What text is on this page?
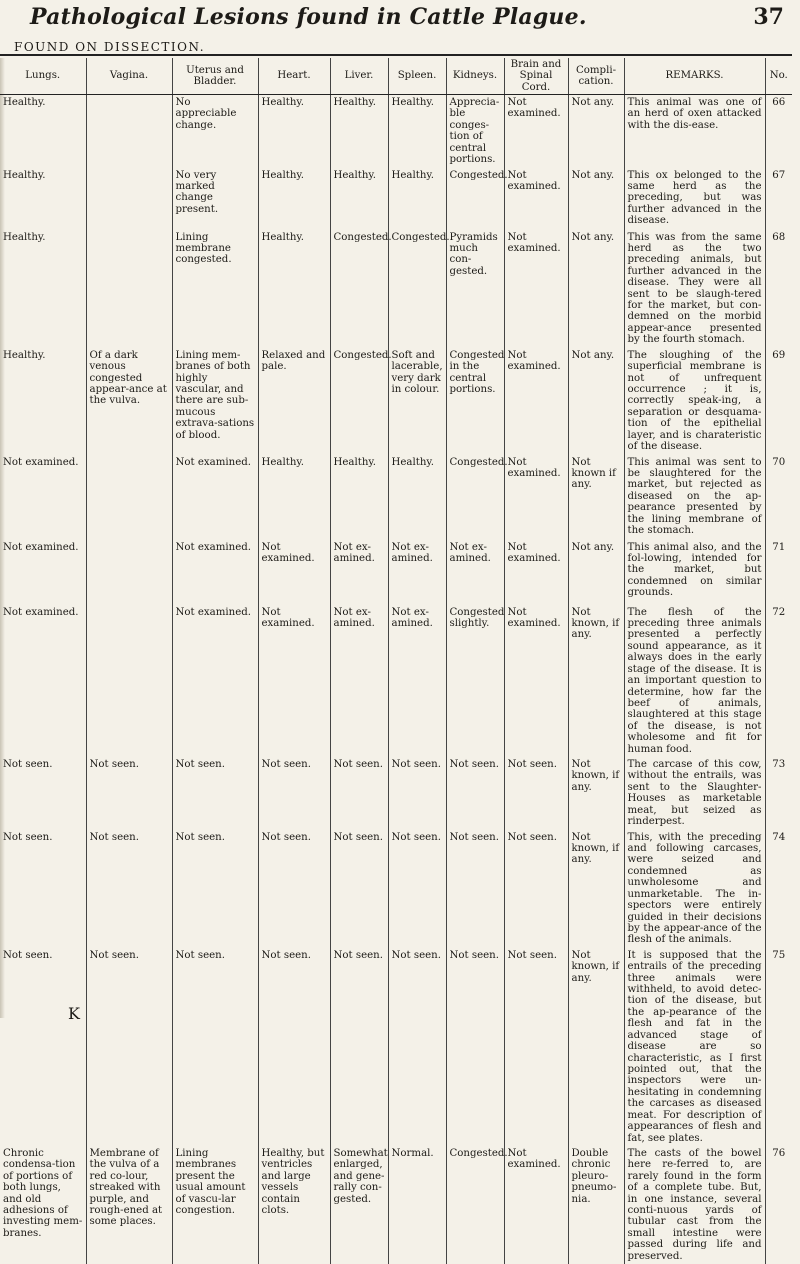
Pathological Lesions found in Cattle Plague.	37
FOUND ON DISSECTION.
Lungs.	Vagina.	Uterus and Bladder.	Heart.	Liver.	Spleen.	Kidneys.	Brain and Spinal Cord.	Compli-cation.	REMARKS.	No.
Healthy.		No appreciable change.	Healthy.	Healthy.	Healthy.	Apprecia-ble conges-tion of central portions.	Not examined.	Not any.	This animal was one of an herd of oxen attacked with the dis-ease.	66
Healthy.		No very marked change present.	Healthy.	Healthy.	Healthy.	Congested.	Not examined.	Not any.	This ox belonged to the same herd as the preceding, but was further advanced in the disease.	67
Healthy.		Lining membrane congested.	Healthy.	Congested.	Congested.	Pyramids much con-gested.	Not examined.	Not any.	This was from the same herd as the two preceding animals, but further advanced in the disease. They were all sent to be slaugh-tered for the market, but con-demned on the morbid appear-ance presented by the fourth stomach.	68
Healthy.	Of a dark venous congested appear-ance at the vulva.	Lining mem-branes of both highly vascular, and there are sub-mucous extrava-sations of blood.	Relaxed and pale.	Congested.	Soft and lacerable, very dark in colour.	Congested in the central portions.	Not examined.	Not any.	The sloughing of the superficial membrane is not of unfrequent occurrence ; it is, correctly speak-ing, a separation or desquama-tion of the epithelial layer, and is charateristic of the disease.	69
Not examined.		Not examined.	Healthy.	Healthy.	Healthy.	Congested.	Not examined.	Not known if any.	This animal was sent to be slaughtered for the market, but rejected as diseased on the ap-pearance presented by the lining membrane of the stomach.	70
Not examined.		Not examined.	Not examined.	Not ex-amined.	Not ex-amined.	Not ex-amined.	Not examined.	Not any.	This animal also, and the fol-lowing, intended for the market, but condemned on similar grounds.	71
Not examined.		Not examined.	Not examined.	Not ex-amined.	Not ex-amined.	Congested slightly.	Not examined.	Not known, if any.	The flesh of the preceding three animals presented a perfectly sound appearance, as it always does in the early stage of the disease. It is an important question to determine, how far the beef of animals, slaughtered at this stage of the disease, is not wholesome and fit for human food.	72
Not seen.	Not seen.	Not seen.	Not seen.	Not seen.	Not seen.	Not seen.	Not seen.	Not known, if any.	The carcase of this cow, without the entrails, was sent to the Slaughter-Houses as marketable meat, but seized as rinderpest.	73
Not seen.	Not seen.	Not seen.	Not seen.	Not seen.	Not seen.	Not seen.	Not seen.	Not known, if any.	This, with the preceding and following carcases, were seized and condemned as unwholesome and unmarketable. The in-spectors were entirely guided in their decisions by the appear-ance of the flesh of the animals.	74
Not seen.	Not seen.	Not seen.	Not seen.	Not seen.	Not seen.	Not seen.	Not seen.	Not known, if any.	It is supposed that the entrails of the preceding three animals were withheld, to avoid detec-tion of the disease, but the ap-pearance of the flesh and fat in the advanced stage of disease are so characteristic, as I first pointed out, that the inspectors were un-hesitating in condemning the carcases as diseased meat. For description of appearances of flesh and fat, see plates.	75
Chronic condensa-tion of portions of both lungs, and old adhesions of investing mem-branes.	Membrane of the vulva of a red co-lour, streaked with purple, and rough-ened at some places.	Lining membranes present the usual amount of vascu-lar congestion.	Healthy, but ventricles and large vessels contain clots.	Somewhat enlarged, and gene-rally con-gested.	Normal.	Congested.	Not examined.	Double chronic pleuro-pneumo-nia.	The casts of the bowel here re-ferred to, are rarely found in the form of a complete tube. But, in one instance, several conti-nuous yards of tubular cast from the small intestine were passed during life and preserved.	76
K
